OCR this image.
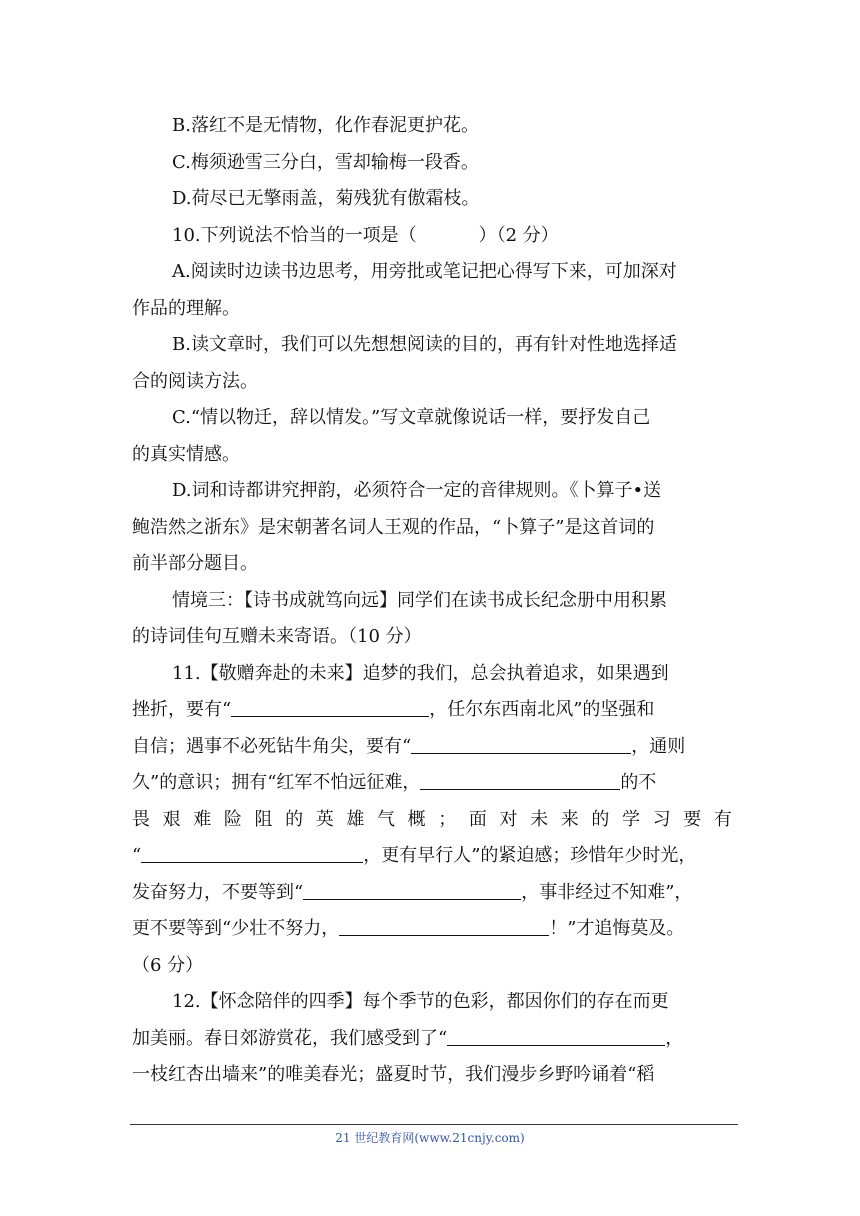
B.落红不是无情物，化作春泥更护花。
C.梅须逊雪三分白，雪却输梅一段香。
D.荷尽已无擎雨盖，菊残犹有傲霜枝。
10.下列说法不恰当的一项是（	）（2 分）
A.阅读时边读书边思考，用旁批或笔记把心得写下来，可加深对
作品的理解。
B.读文章时，我们可以先想想阅读的目的，再有针对性地选择适
合的阅读方法。
C.“情以物迁，辞以情发。”写文章就像说话一样，要抒发自己
的真实情感。
D.词和诗都讲究押韵，必须符合一定的音律规则。《卜算子•送
鲍浩然之浙东》是宋朝著名词人王观的作品，“卜算子”是这首词的
前半部分题目。
情境三：【诗书成就笃向远】同学们在读书成长纪念册中用积累
的诗词佳句互赠未来寄语。（10 分）
11.【敬赠奔赴的未来】追梦的我们，总会执着追求，如果遇到
挫折，要有“	，任尔东西南北风”的坚强和
自信；遇事不必死钻牛角尖，要有“	，通则
久”的意识；拥有“红军不怕远征难，	的不
畏 艰 难 险 阻 的 英 雄 气 概 ； 面 对 未 来 的 学 习 要 有
“	，更有早行人”的紧迫感；珍惜年少时光，
发奋努力，不要等到“	，事非经过不知难”，
更不要等到“少壮不努力，	！”才追悔莫及。
（6 分）
12.【怀念陪伴的四季】每个季节的色彩，都因你们的存在而更
加美丽。春日郊游赏花，我们感受到了“	，
一枝红杏出墙来”的唯美春光；盛夏时节，我们漫步乡野吟诵着“稻
21 世纪教育网(www.21cnjy.com)
